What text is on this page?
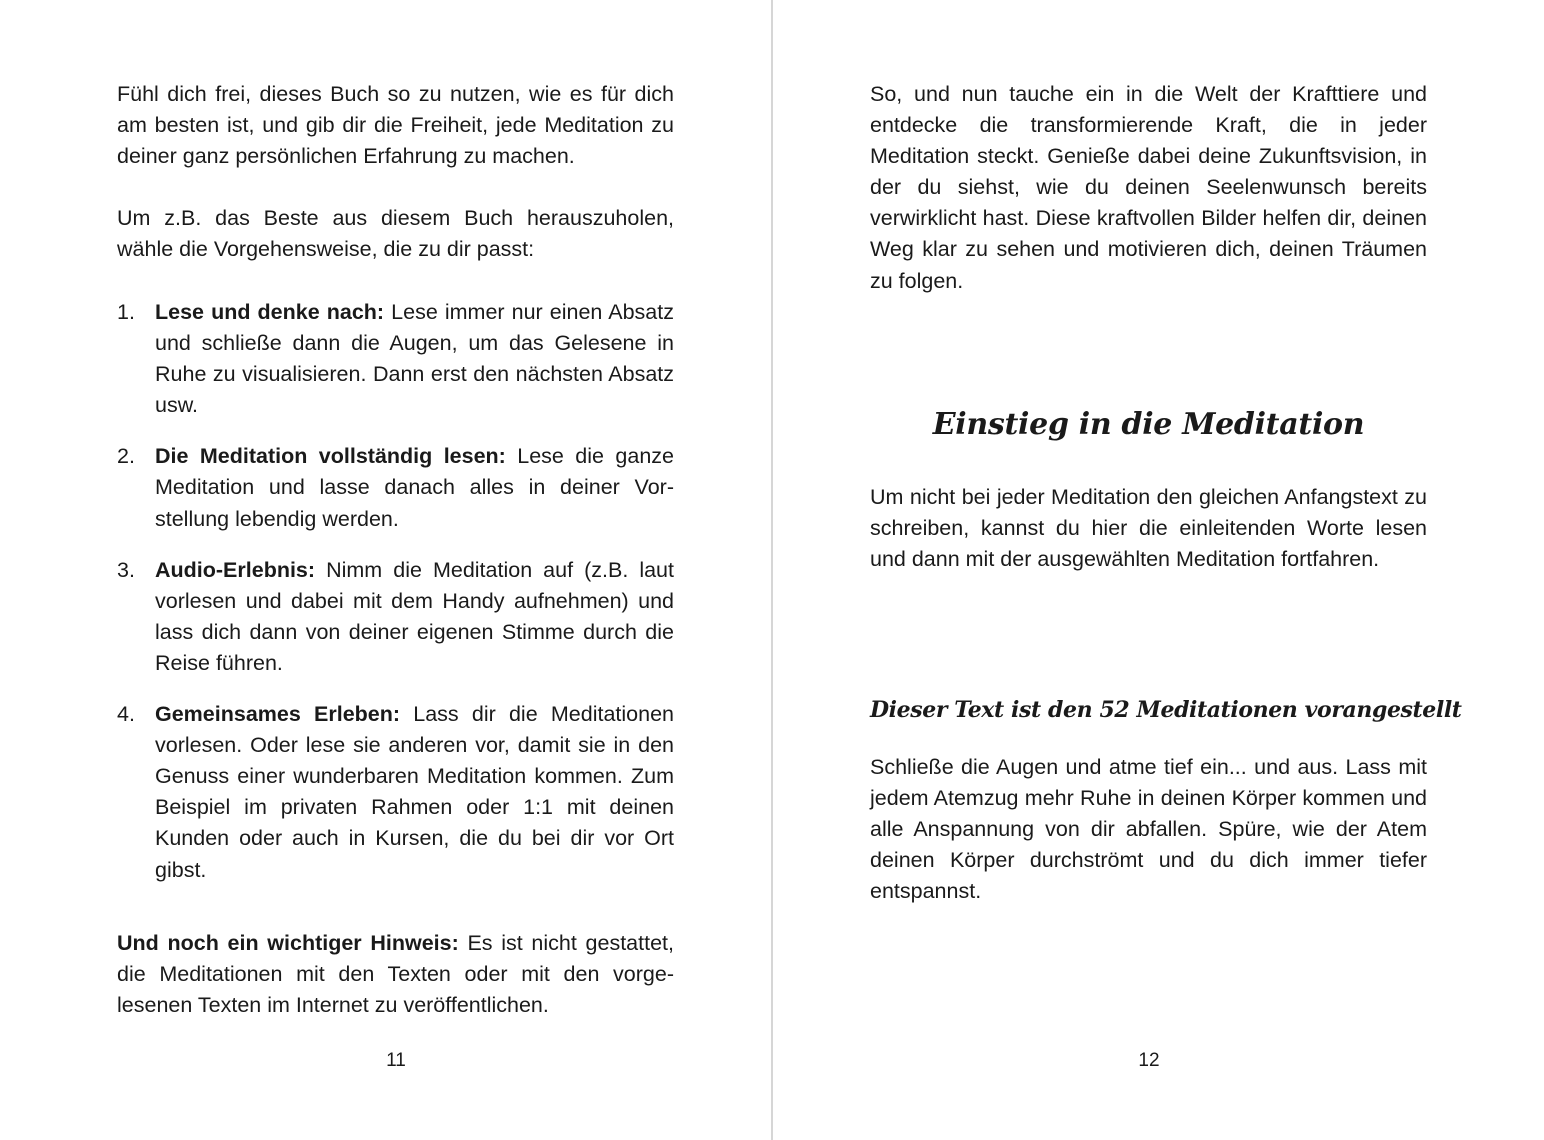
Fühl dich frei, dieses Buch so zu nutzen, wie es für dich am besten ist, und gib dir die Freiheit, jede Meditation zu deiner ganz persönlichen Erfahrung zu machen.

Um z.B. das Beste aus diesem Buch herauszuholen, wähle die Vorgehensweise, die zu dir passt:

1. Lese und denke nach: Lese immer nur einen Absatz und schließe dann die Augen, um das Gelesene in Ruhe zu visualisieren. Dann erst den nächsten Absatz usw.
2. Die Meditation vollständig lesen: Lese die ganze Meditation und lasse danach alles in deiner Vorstellung lebendig werden.
3. Audio-Erlebnis: Nimm die Meditation auf (z.B. laut vorlesen und dabei mit dem Handy aufnehmen) und lass dich dann von deiner eigenen Stimme durch die Reise führen.
4. Gemeinsames Erleben: Lass dir die Meditationen vorlesen. Oder lese sie anderen vor, damit sie in den Genuss einer wunderbaren Meditation kommen. Zum Beispiel im privaten Rahmen oder 1:1 mit deinen Kunden oder auch in Kursen, die du bei dir vor Ort gibst.

Und noch ein wichtiger Hinweis: Es ist nicht gestattet, die Meditationen mit den Texten oder mit den vorgelesenen Texten im Internet zu veröffentlichen.

11

So, und nun tauche ein in die Welt der Krafttiere und entdecke die transformierende Kraft, die in jeder Meditation steckt. Genieße dabei deine Zukunftsvision, in der du siehst, wie du deinen Seelenwunsch bereits verwirklicht hast. Diese kraftvollen Bilder helfen dir, deinen Weg klar zu sehen und motivieren dich, deinen Träumen zu folgen.

Einstieg in die Meditation

Um nicht bei jeder Meditation den gleichen Anfangstext zu schreiben, kannst du hier die einleitenden Worte lesen und dann mit der ausgewählten Meditation fortfahren.

Dieser Text ist den 52 Meditationen vorangestellt

Schließe die Augen und atme tief ein... und aus. Lass mit jedem Atemzug mehr Ruhe in deinen Körper kommen und alle Anspannung von dir abfallen. Spüre, wie der Atem deinen Körper durchströmt und du dich immer tiefer entspannst.

12
